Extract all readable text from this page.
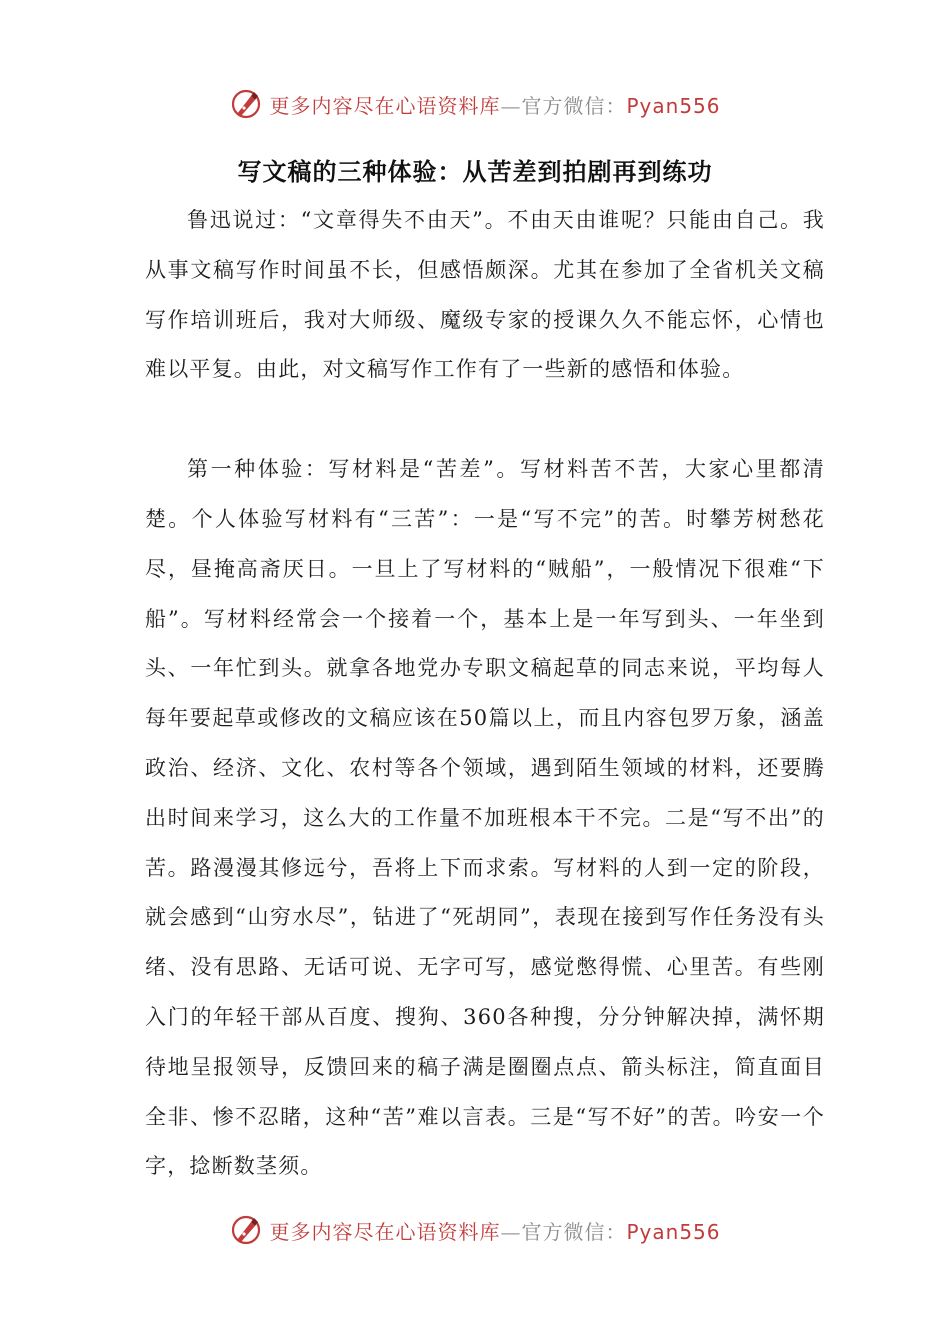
更多内容尽在心语资料库—官方微信：Pyan556
写文稿的三种体验：从苦差到拍剧再到练功

鲁迅说过：“文章得失不由天”。不由天由谁呢？只能由自己。我从事文稿写作时间虽不长，但感悟颇深。尤其在参加了全省机关文稿写作培训班后，我对大师级、魔级专家的授课久久不能忘怀，心情也难以平复。由此，对文稿写作工作有了一些新的感悟和体验。

第一种体验：写材料是“苦差”。写材料苦不苦，大家心里都清楚。个人体验写材料有“三苦”：一是“写不完”的苦。时攀芳树愁花尽，昼掩高斋厌日。一旦上了写材料的“贼船”，一般情况下很难“下船”。写材料经常会一个接着一个，基本上是一年写到头、一年坐到头、一年忙到头。就拿各地党办专职文稿起草的同志来说，平均每人每年要起草或修改的文稿应该在50篇以上，而且内容包罗万象，涵盖政治、经济、文化、农村等各个领域，遇到陌生领域的材料，还要腾出时间来学习，这么大的工作量不加班根本干不完。二是“写不出”的苦。路漫漫其修远兮，吾将上下而求索。写材料的人到一定的阶段，就会感到“山穷水尽”，钻进了“死胡同”，表现在接到写作任务没有头绪、没有思路、无话可说、无字可写，感觉憋得慌、心里苦。有些刚入门的年轻干部从百度、搜狗、360各种搜，分分钟解决掉，满怀期待地呈报领导，反馈回来的稿子满是圈圈点点、箭头标注，简直面目全非、惨不忍睹，这种“苦”难以言表。三是“写不好”的苦。吟安一个字，捻断数茎须。

更多内容尽在心语资料库—官方微信：Pyan556
